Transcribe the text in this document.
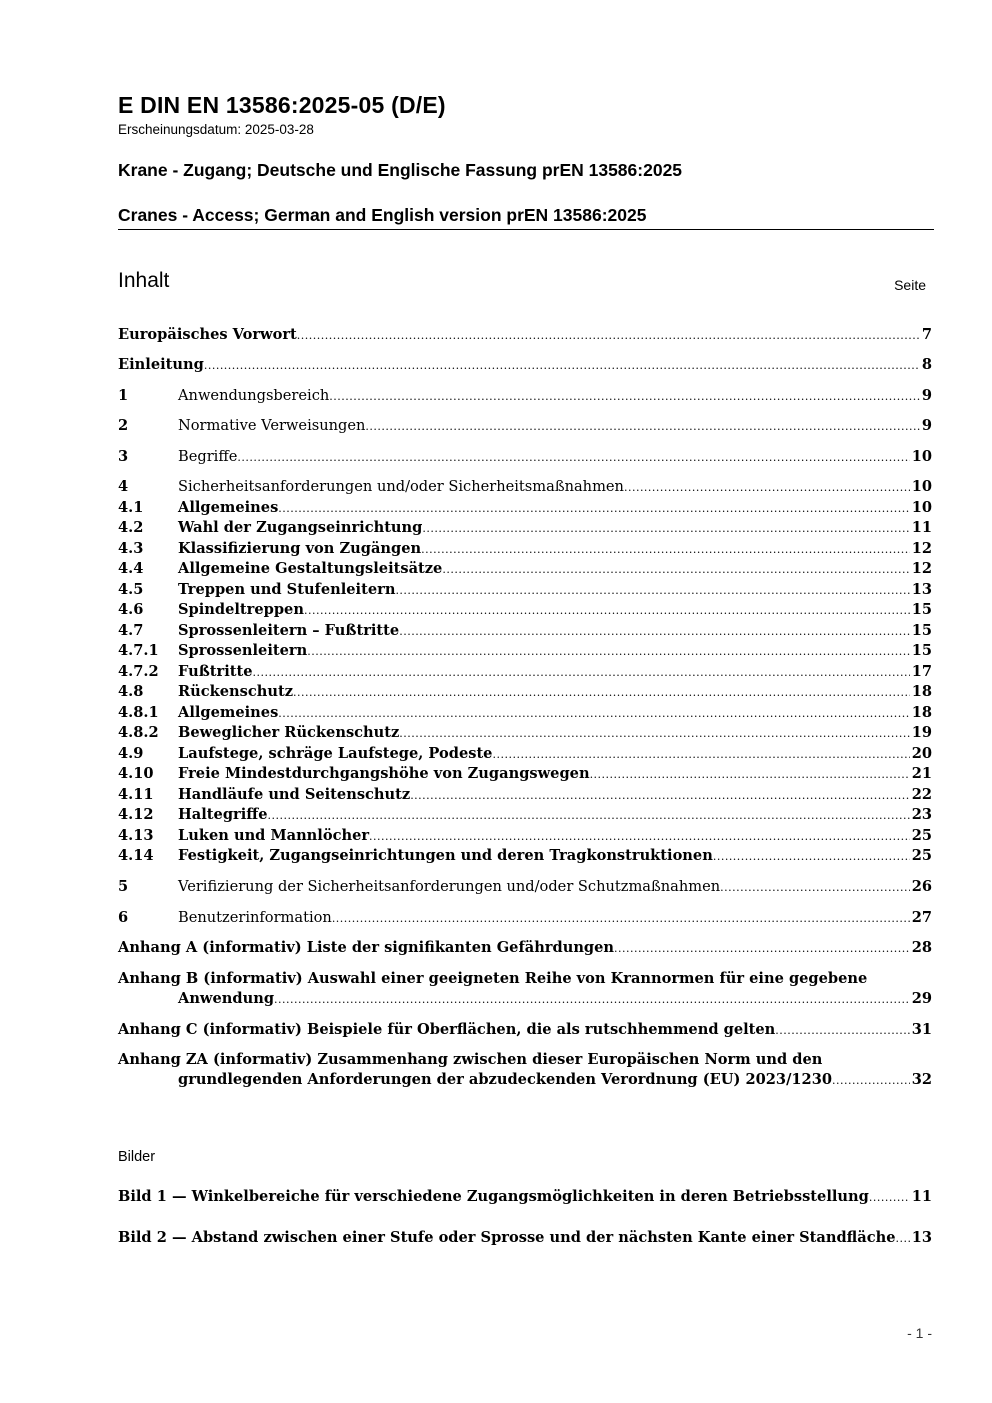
E DIN EN 13586:2025-05 (D/E)
Erscheinungsdatum: 2025-03-28
Krane - Zugang; Deutsche und Englische Fassung prEN 13586:2025
Cranes - Access; German and English version prEN 13586:2025
Inhalt	Seite
Europäisches Vorwort .....	7
Einleitung .....	8
1	Anwendungsbereich .....	9
2	Normative Verweisungen .....	9
3	Begriffe .....	10
4	Sicherheitsanforderungen und/oder Sicherheitsmaßnahmen .....	10
4.1	Allgemeines .....	10
4.2	Wahl der Zugangseinrichtung .....	11
4.3	Klassifizierung von Zugängen .....	12
4.4	Allgemeine Gestaltungsleitsätze .....	12
4.5	Treppen und Stufenleitern .....	13
4.6	Spindeltreppen .....	15
4.7	Sprossenleitern – Fußtritte .....	15
4.7.1	Sprossenleitern .....	15
4.7.2	Fußtritte .....	17
4.8	Rückenschutz .....	18
4.8.1	Allgemeines .....	18
4.8.2	Beweglicher Rückenschutz .....	19
4.9	Laufstege, schräge Laufstege, Podeste .....	20
4.10	Freie Mindestdurchgangshöhe von Zugangswegen .....	21
4.11	Handläufe und Seitenschutz .....	22
4.12	Haltegriffe .....	23
4.13	Luken und Mannlöcher .....	25
4.14	Festigkeit, Zugangseinrichtungen und deren Tragkonstruktionen .....	25
5	Verifizierung der Sicherheitsanforderungen und/oder Schutzmaßnahmen .....	26
6	Benutzerinformation .....	27
Anhang A (informativ) Liste der signifikanten Gefährdungen .....	28
Anhang B (informativ) Auswahl einer geeigneten Reihe von Krannormen für eine gegebene
Anwendung .....	29
Anhang C (informativ) Beispiele für Oberflächen, die als rutschhemmend gelten .....	31
Anhang ZA (informativ) Zusammenhang zwischen dieser Europäischen Norm und den
grundlegenden Anforderungen der abzudeckenden Verordnung (EU) 2023/1230 .....	32
Bilder
Bild 1 — Winkelbereiche für verschiedene Zugangsmöglichkeiten in deren Betriebsstellung .....	11
Bild 2 — Abstand zwischen einer Stufe oder Sprosse und der nächsten Kante einer Standfläche ..... 13
- 1 -
